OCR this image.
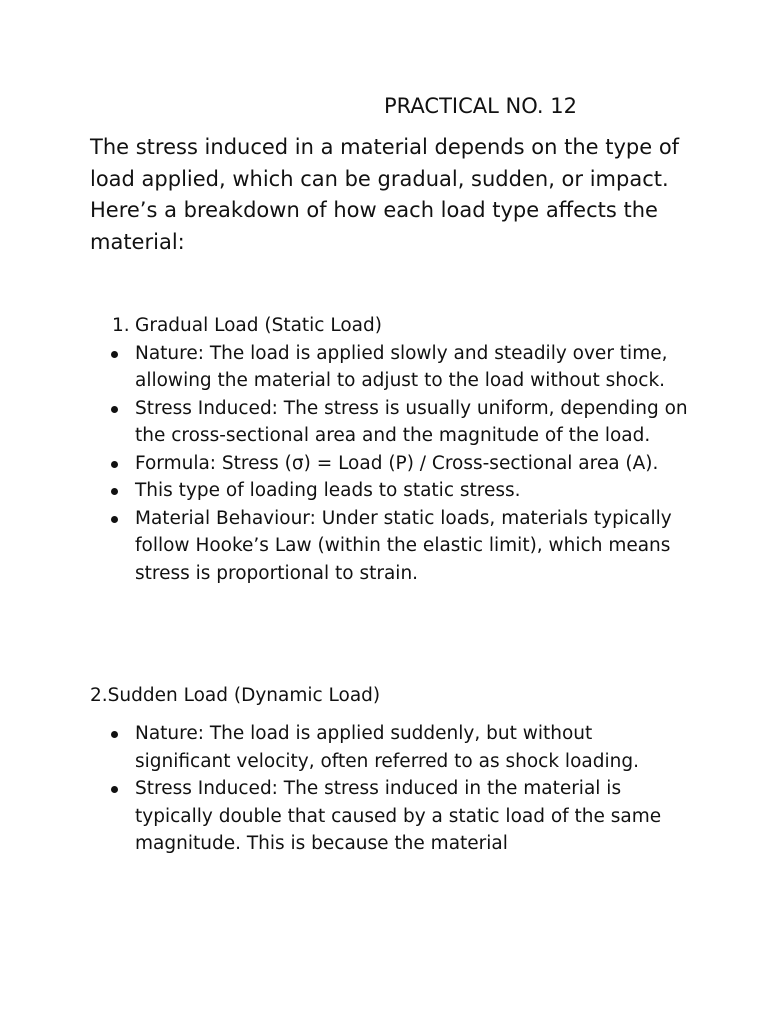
PRACTICAL NO. 12
The stress induced in a material depends on the type of load applied, which can be gradual, sudden, or impact. Here’s a breakdown of how each load type affects the material:
1. Gradual Load (Static Load)
Nature: The load is applied slowly and steadily over time, allowing the material to adjust to the load without shock.
Stress Induced: The stress is usually uniform, depending on the cross-sectional area and the magnitude of the load.
Formula: Stress (σ) = Load (P) / Cross-sectional area (A).
This type of loading leads to static stress.
Material Behaviour: Under static loads, materials typically follow Hooke’s Law (within the elastic limit), which means stress is proportional to strain.
2.Sudden Load (Dynamic Load)
Nature: The load is applied suddenly, but without significant velocity, often referred to as shock loading.
Stress Induced: The stress induced in the material is typically double that caused by a static load of the same magnitude. This is because the material
